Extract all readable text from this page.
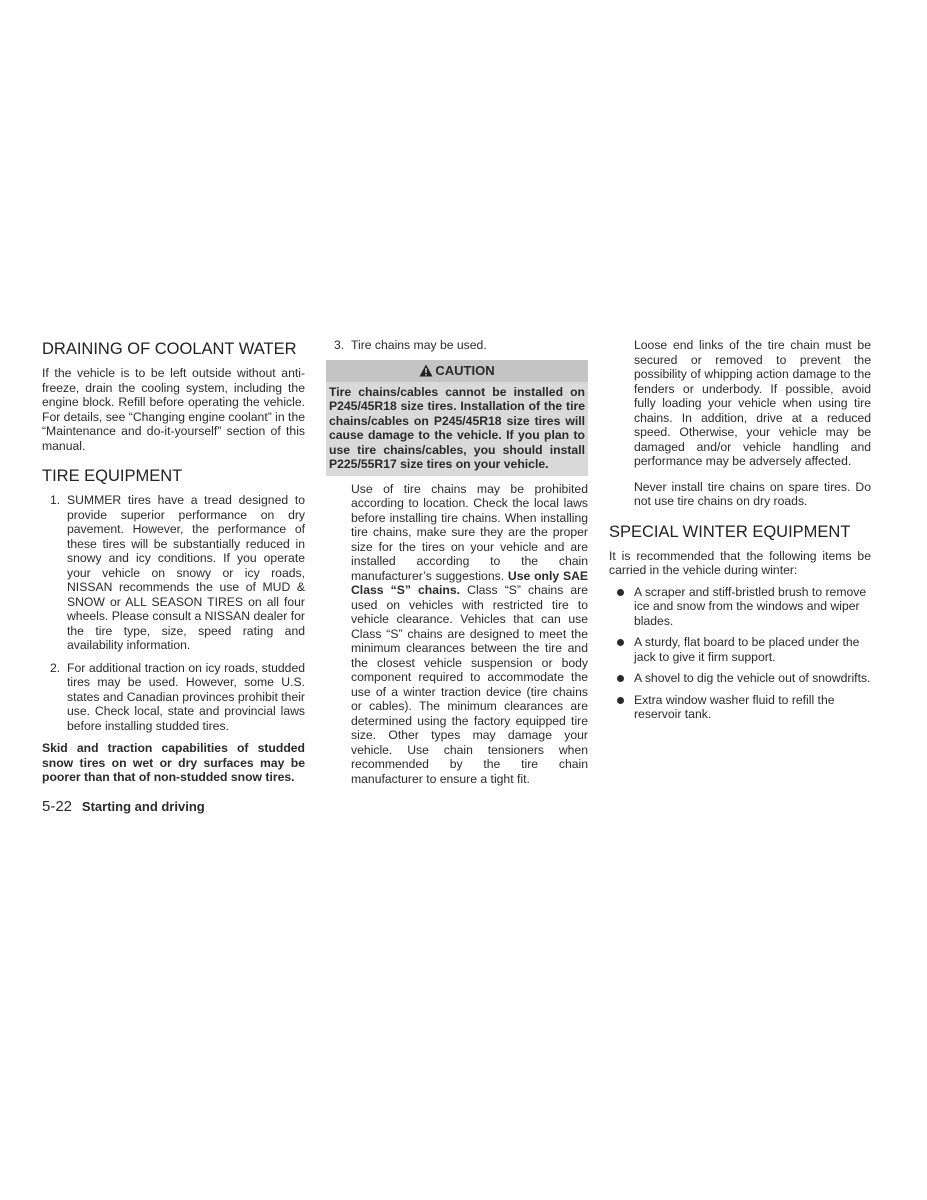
DRAINING OF COOLANT WATER

If the vehicle is to be left outside without anti-freeze, drain the cooling system, including the engine block. Refill before operating the vehicle. For details, see “Changing engine coolant” in the “Maintenance and do-it-yourself” section of this manual.

TIRE EQUIPMENT
1. SUMMER tires have a tread designed to provide superior performance on dry pavement. However, the performance of these tires will be substantially reduced in snowy and icy conditions. If you operate your vehicle on snowy or icy roads, NISSAN recommends the use of MUD & SNOW or ALL SEASON TIRES on all four wheels. Please consult a NISSAN dealer for the tire type, size, speed rating and availability information.
2. For additional traction on icy roads, studded tires may be used. However, some U.S. states and Canadian provinces prohibit their use. Check local, state and provincial laws before installing studded tires.

Skid and traction capabilities of studded snow tires on wet or dry surfaces may be poorer than that of non-studded snow tires.

3. Tire chains may be used.
CAUTION
Tire chains/cables cannot be installed on P245/45R18 size tires. Installation of the tire chains/cables on P245/45R18 size tires will cause damage to the vehicle. If you plan to use tire chains/cables, you should install P225/55R17 size tires on your vehicle.

Use of tire chains may be prohibited according to location. Check the local laws before installing tire chains. When installing tire chains, make sure they are the proper size for the tires on your vehicle and are installed according to the chain manufacturer’s suggestions. Use only SAE Class “S” chains. Class “S” chains are used on vehicles with restricted tire to vehicle clearance. Vehicles that can use Class “S” chains are designed to meet the minimum clearances between the tire and the closest vehicle suspension or body component required to accommodate the use of a winter traction device (tire chains or cables). The minimum clearances are determined using the factory equipped tire size. Other types may damage your vehicle. Use chain tensioners when recommended by the tire chain manufacturer to ensure a tight fit.

Loose end links of the tire chain must be secured or removed to prevent the possibility of whipping action damage to the fenders or underbody. If possible, avoid fully loading your vehicle when using tire chains. In addition, drive at a reduced speed. Otherwise, your vehicle may be damaged and/or vehicle handling and performance may be adversely affected.

Never install tire chains on spare tires. Do not use tire chains on dry roads.

SPECIAL WINTER EQUIPMENT

It is recommended that the following items be carried in the vehicle during winter:

A scraper and stiff-bristled brush to remove ice and snow from the windows and wiper blades.
A sturdy, flat board to be placed under the jack to give it firm support.
A shovel to dig the vehicle out of snowdrifts.
Extra window washer fluid to refill the reservoir tank.
5-22 Starting and driving
